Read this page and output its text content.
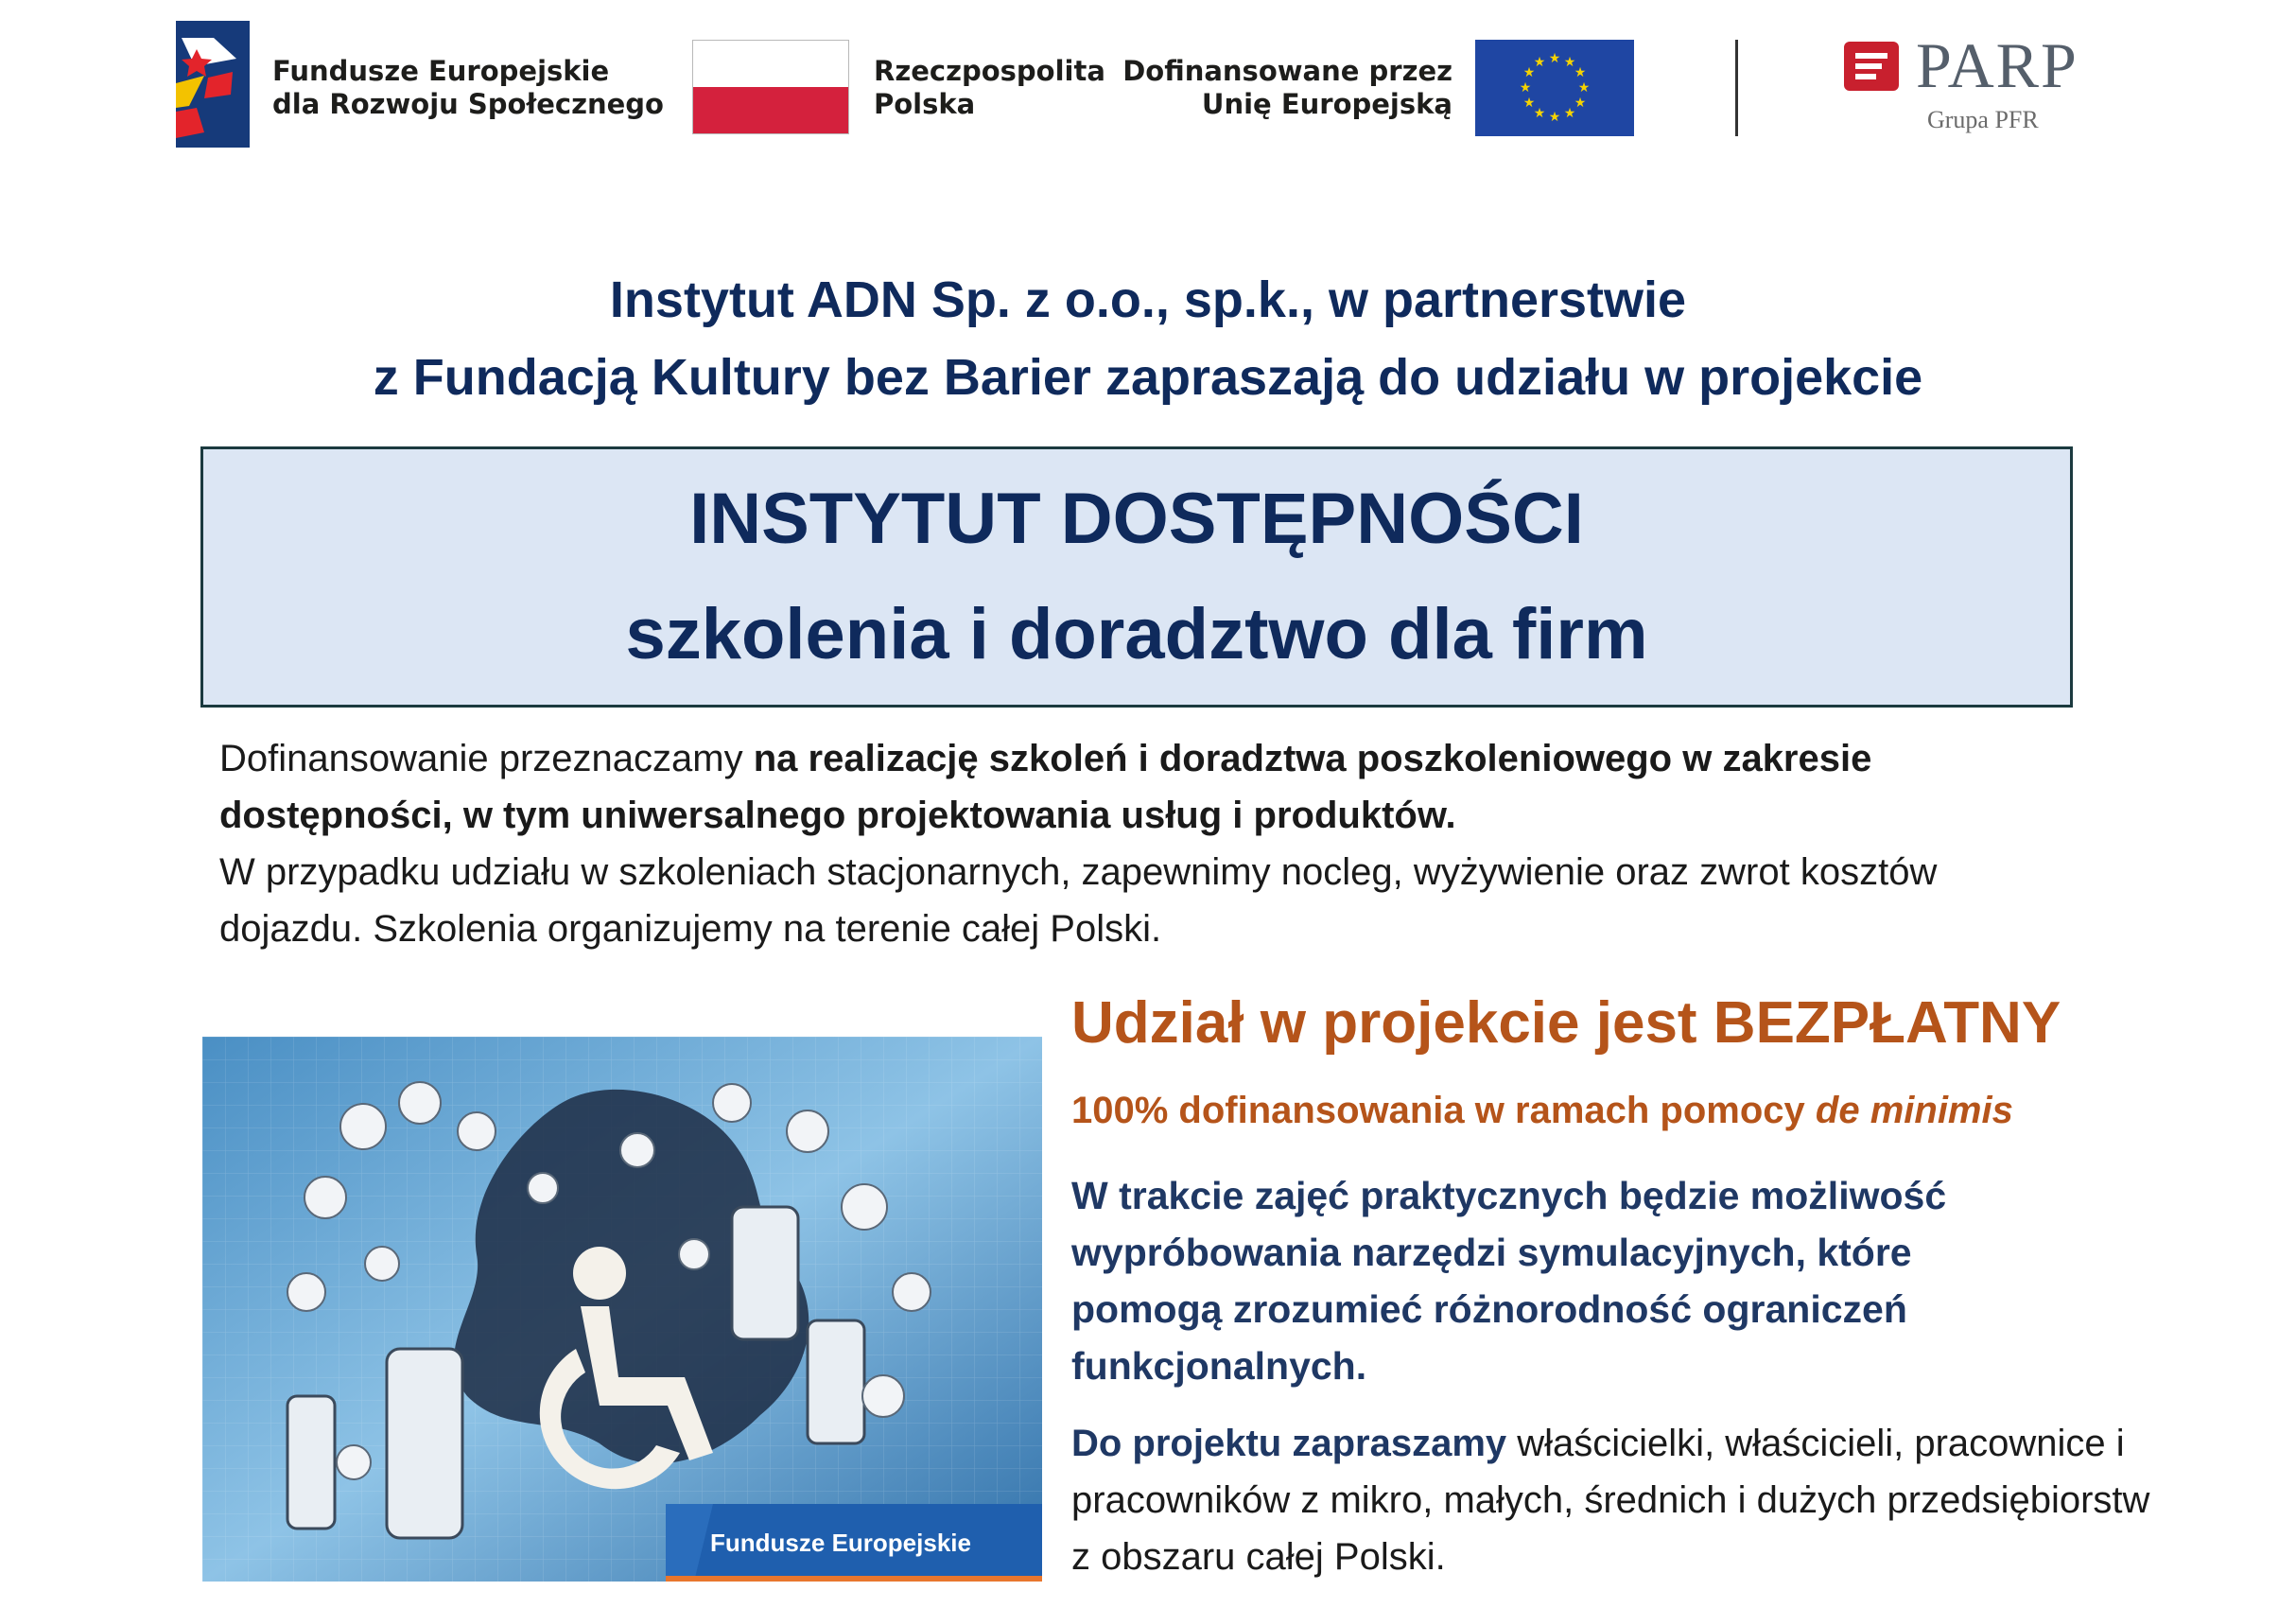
Fundusze Europejskie
dla Rozwoju Społecznego
Rzeczpospolita
Polska
Dofinansowane przez
Unię Europejską
★ ★
★
★
★
★
★
★
★
★
★
★	PARP
Grupa PFR
Instytut ADN Sp. z o.o., sp.k., w partnerstwie
z Fundacją Kultury bez Barier zapraszają do udziału w projekcie
INSTYTUT DOSTĘPNOŚCI
szkolenia i doradztwo dla firm
Dofinansowanie przeznaczamy na realizację szkoleń i doradztwa poszkoleniowego w zakresie dostępności, w tym uniwersalnego projektowania usług i produktów.
W przypadku udziału w szkoleniach stacjonarnych, zapewnimy nocleg, wyżywienie oraz zwrot kosztów dojazdu. Szkolenia organizujemy na terenie całej Polski.
Fundusze Europejskie
Udział w projekcie jest BEZPŁATNY
100% dofinansowania w ramach pomocy de minimis
W trakcie zajęć praktycznych będzie możliwość wypróbowania narzędzi symulacyjnych, które pomogą zrozumieć różnorodność ograniczeń funkcjonalnych.
Do projektu zapraszamy właścicielki, właścicieli, pracownice i pracowników z mikro, małych, średnich i dużych przedsiębiorstw z obszaru całej Polski.
